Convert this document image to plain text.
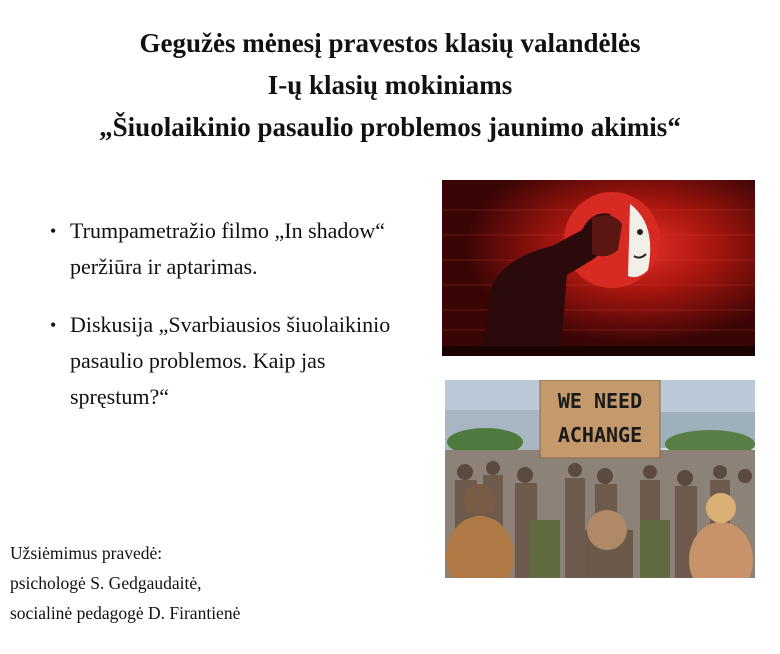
Gegužės mėnesį pravestos klasių valandėlės
I-ų klasių mokiniams
„Šiuolaikinio pasaulio problemos jaunimo akimis“
• Trumpametražio filmo „In shadow“ peržiūra ir aptarimas.
• Diskusija „Svarbiausios šiuolaikinio pasaulio problemos. Kaip jas spręstum?“	WE NEED
ACHANGE
Užsiėmimus pravedė:
psichologė S. Gedgaudaitė,
socialinė pedagogė D. Firantienė
